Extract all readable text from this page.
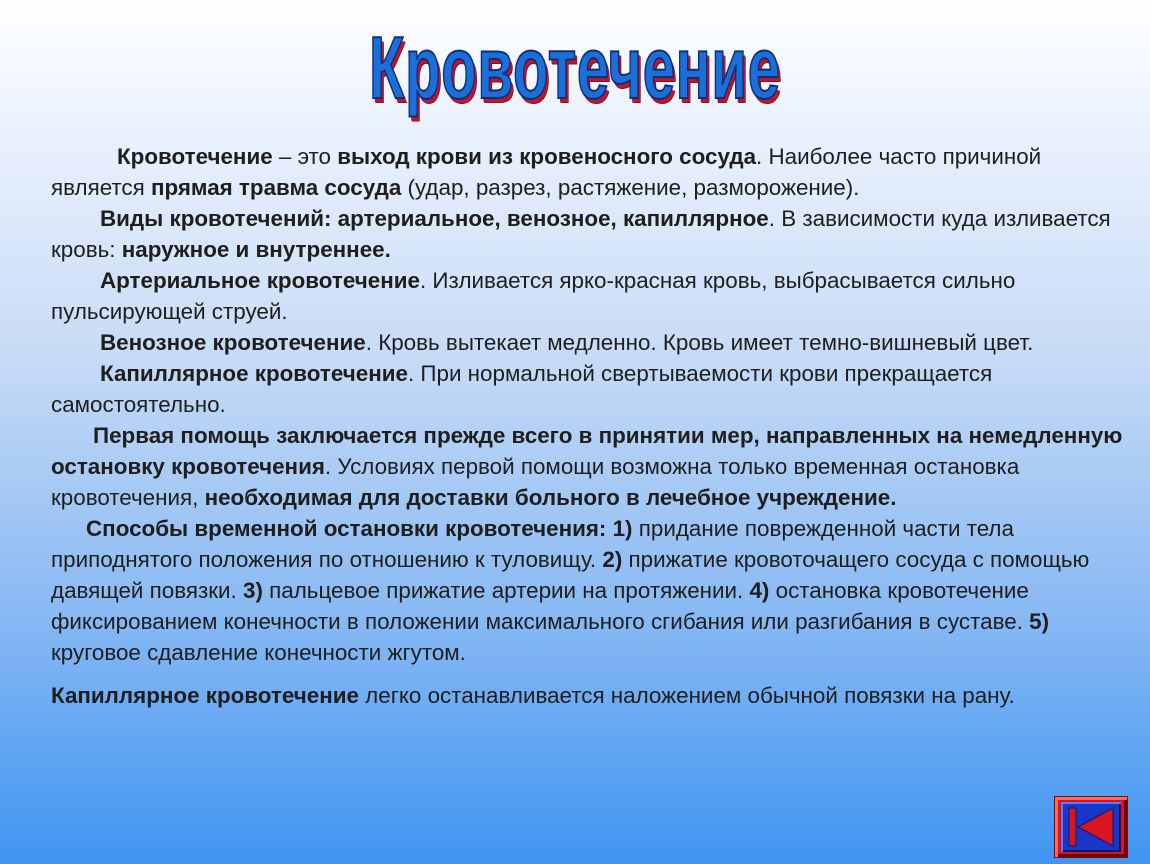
Кровотечение

Кровотечение – это выход крови из кровеносного сосуда. Наиболее часто причиной является прямая травма сосуда (удар, разрез, растяжение, разморожение).

Виды кровотечений: артериальное, венозное, капиллярное. В зависимости куда изливается кровь: наружное и внутреннее.

Артериальное кровотечение. Изливается ярко-красная кровь, выбрасывается сильно пульсирующей струей.

Венозное кровотечение. Кровь вытекает медленно. Кровь имеет темно-вишневый цвет.

Капиллярное кровотечение. При нормальной свертываемости крови прекращается самостоятельно.

Первая помощь заключается прежде всего в принятии мер, направленных на немедленную остановку кровотечения. Условиях первой помощи возможна только временная остановка кровотечения, необходимая для доставки больного в лечебное учреждение.

Способы временной остановки кровотечения: 1) придание поврежденной части тела приподнятого положения по отношению к туловищу. 2) прижатие кровоточащего сосуда с помощью давящей повязки. 3) пальцевое прижатие артерии на протяжении. 4) остановка кровотечение фиксированием конечности в положении максимального сгибания или разгибания в суставе. 5) круговое сдавление конечности жгутом.

Капиллярное кровотечение легко останавливается наложением обычной повязки на рану.
